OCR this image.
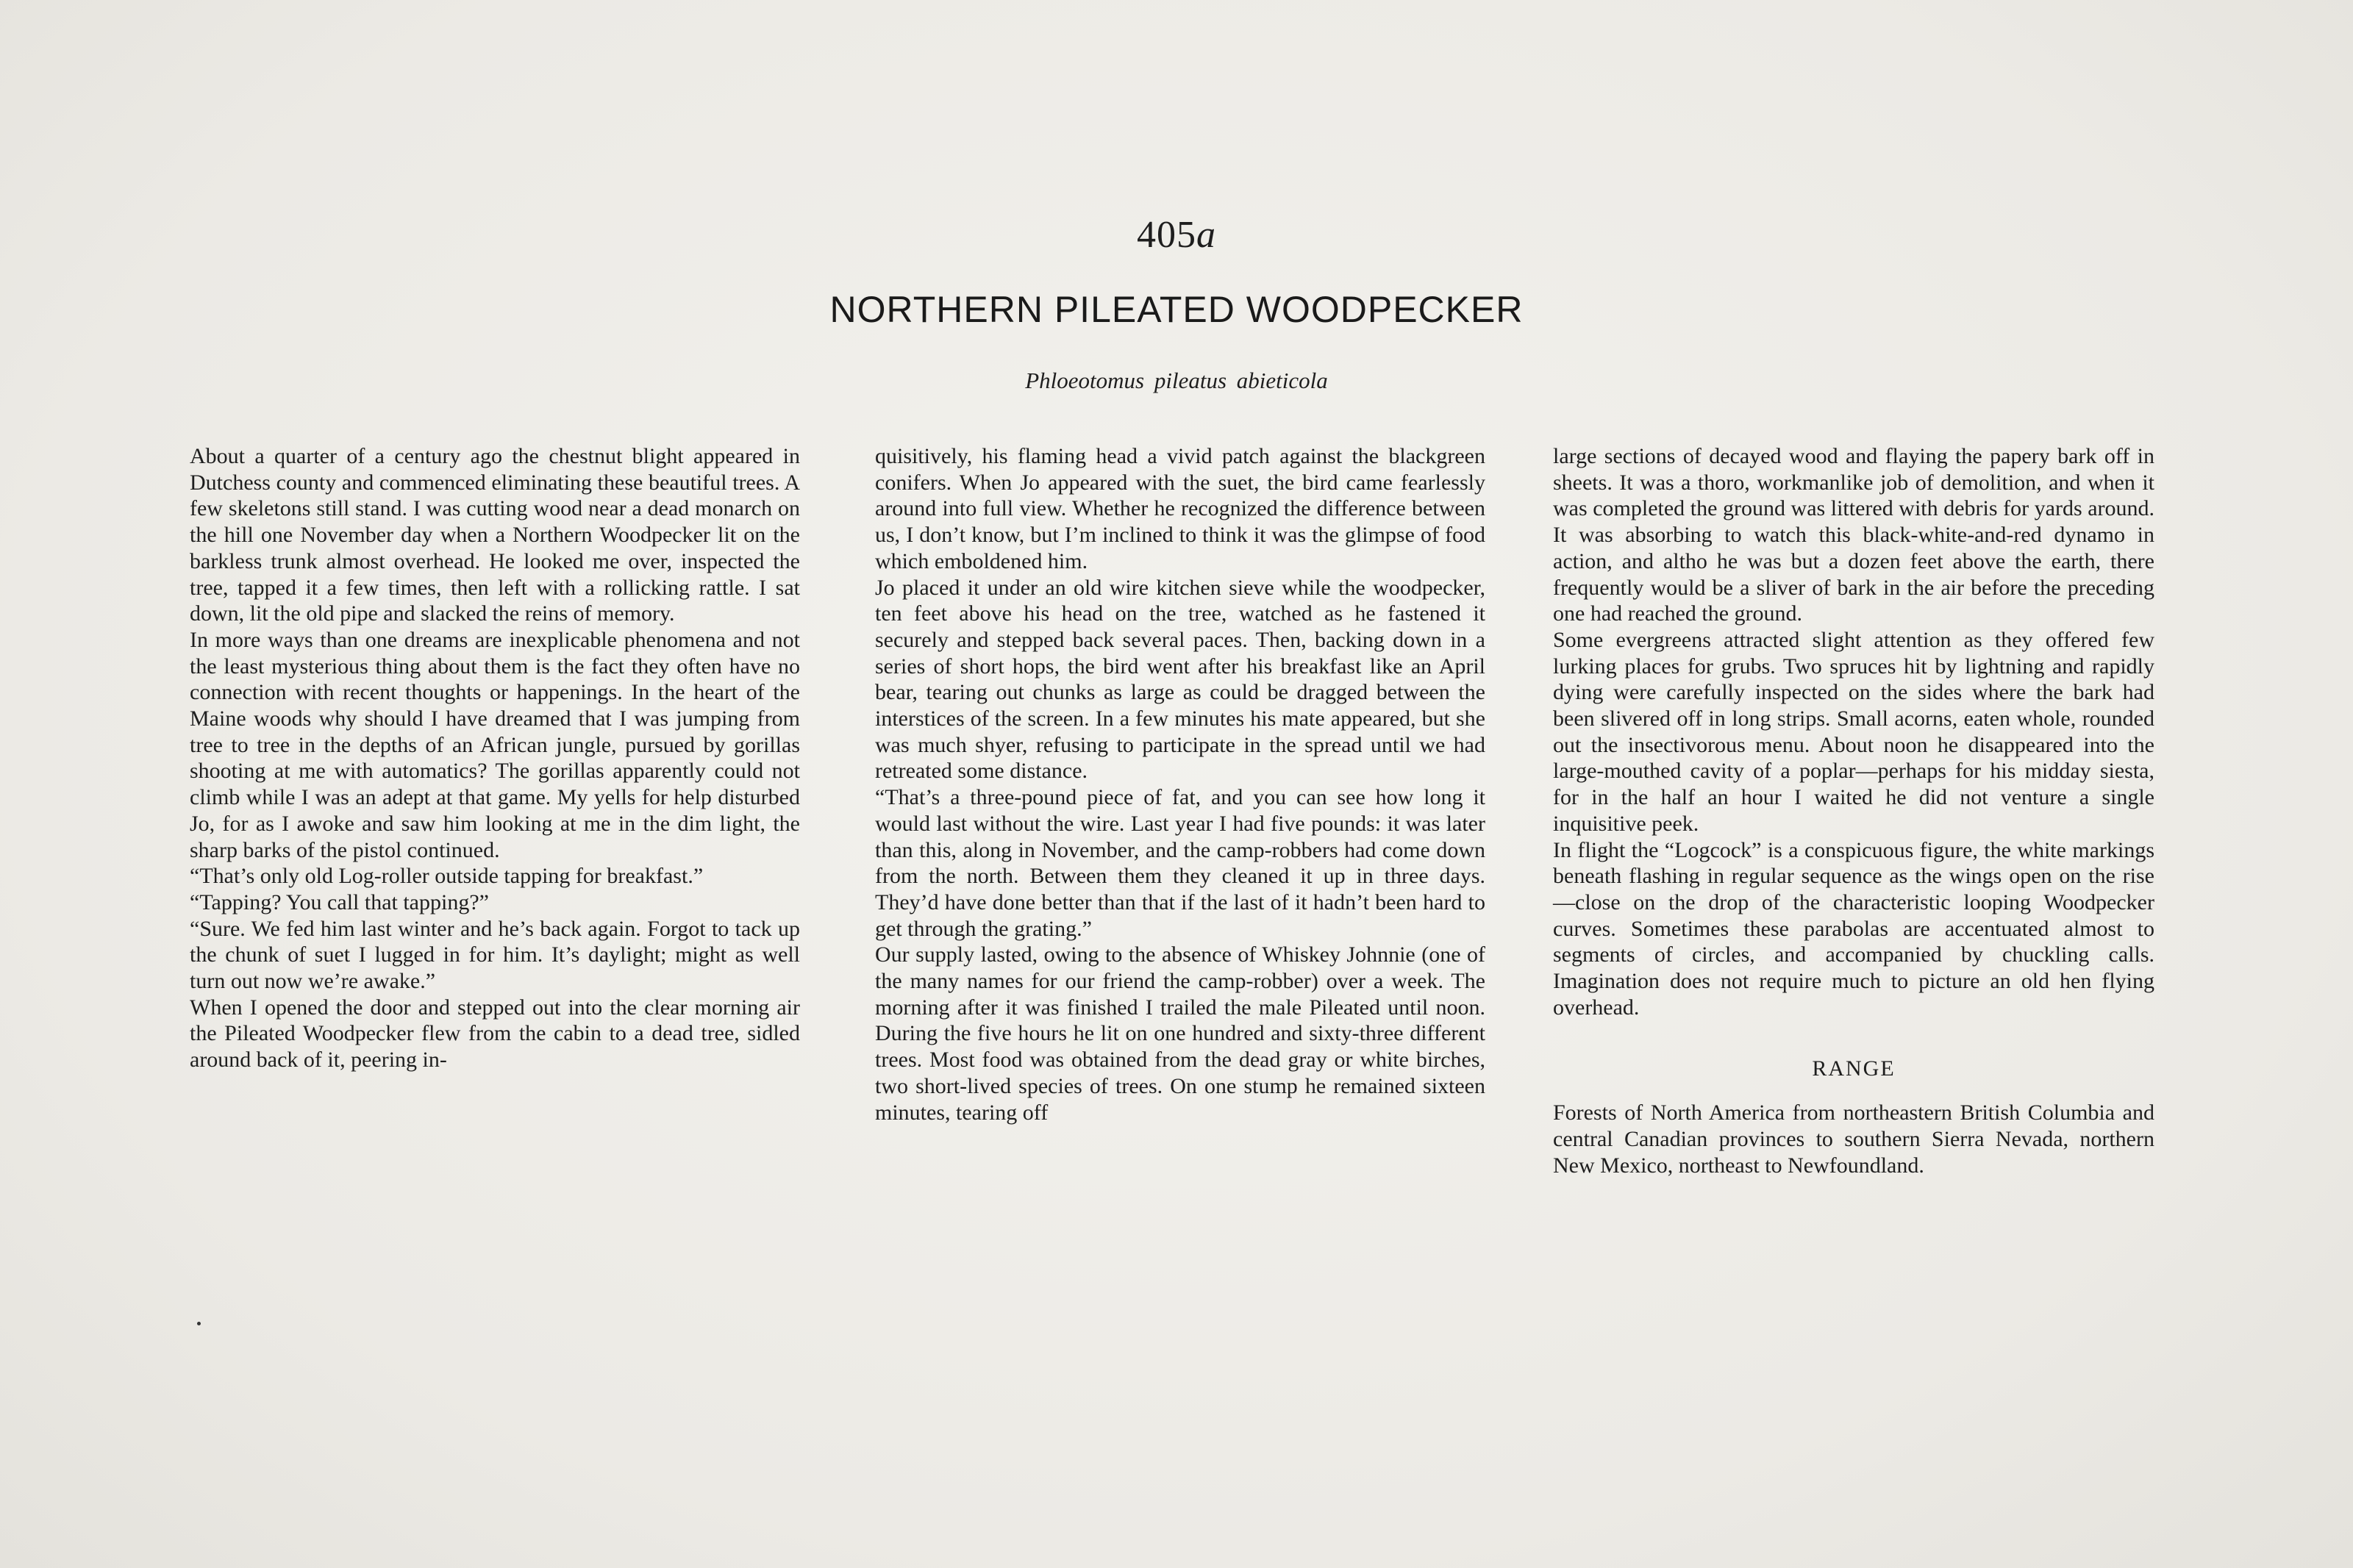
405a
NORTHERN PILEATED WOODPECKER
Phloeotomus pileatus abieticola

About a quarter of a century ago the chestnut blight appeared in Dutchess county and commenced eliminating these beautiful trees. A few skeletons still stand. I was cutting wood near a dead monarch on the hill one November day when a Northern Woodpecker lit on the barkless trunk almost overhead. He looked me over, inspected the tree, tapped it a few times, then left with a rollicking rattle. I sat down, lit the old pipe and slacked the reins of memory.

In more ways than one dreams are inexplicable phenomena and not the least mysterious thing about them is the fact they often have no connection with recent thoughts or happenings. In the heart of the Maine woods why should I have dreamed that I was jumping from tree to tree in the depths of an African jungle, pursued by gorillas shooting at me with automatics? The gorillas apparently could not climb while I was an adept at that game. My yells for help disturbed Jo, for as I awoke and saw him looking at me in the dim light, the sharp barks of the pistol continued.

“That’s only old Log-roller outside tapping for breakfast.”

“Tapping? You call that tapping?”

“Sure. We fed him last winter and he’s back again. Forgot to tack up the chunk of suet I lugged in for him. It’s daylight; might as well turn out now we’re awake.”

When I opened the door and stepped out into the clear morning air the Pileated Woodpecker flew from the cabin to a dead tree, sidled around back of it, peering in-

quisitively, his flaming head a vivid patch against the blackgreen conifers. When Jo appeared with the suet, the bird came fearlessly around into full view. Whether he recognized the difference between us, I don’t know, but I’m inclined to think it was the glimpse of food which emboldened him.

Jo placed it under an old wire kitchen sieve while the woodpecker, ten feet above his head on the tree, watched as he fastened it securely and stepped back several paces. Then, backing down in a series of short hops, the bird went after his breakfast like an April bear, tearing out chunks as large as could be dragged between the interstices of the screen. In a few minutes his mate appeared, but she was much shyer, refusing to participate in the spread until we had retreated some distance.

“That’s a three-pound piece of fat, and you can see how long it would last without the wire. Last year I had five pounds: it was later than this, along in November, and the camp-robbers had come down from the north. Between them they cleaned it up in three days. They’d have done better than that if the last of it hadn’t been hard to get through the grating.”

Our supply lasted, owing to the absence of Whiskey Johnnie (one of the many names for our friend the camp-robber) over a week. The morning after it was finished I trailed the male Pileated until noon. During the five hours he lit on one hundred and sixty-three different trees. Most food was obtained from the dead gray or white birches, two short-lived species of trees. On one stump he remained sixteen minutes, tearing off

large sections of decayed wood and flaying the papery bark off in sheets. It was a thoro, workmanlike job of demolition, and when it was completed the ground was littered with debris for yards around. It was absorbing to watch this black-white-and-red dynamo in action, and altho he was but a dozen feet above the earth, there frequently would be a sliver of bark in the air before the preceding one had reached the ground.

Some evergreens attracted slight attention as they offered few lurking places for grubs. Two spruces hit by lightning and rapidly dying were carefully inspected on the sides where the bark had been slivered off in long strips. Small acorns, eaten whole, rounded out the insectivorous menu. About noon he disappeared into the large-mouthed cavity of a poplar—perhaps for his midday siesta, for in the half an hour I waited he did not venture a single inquisitive peek.

In flight the “Logcock” is a conspicuous figure, the white markings beneath flashing in regular sequence as the wings open on the rise—close on the drop of the characteristic looping Woodpecker curves. Sometimes these parabolas are accentuated almost to segments of circles, and accompanied by chuckling calls. Imagination does not require much to picture an old hen flying overhead.

RANGE

Forests of North America from northeastern British Columbia and central Canadian provinces to southern Sierra Nevada, northern New Mexico, northeast to Newfoundland.
